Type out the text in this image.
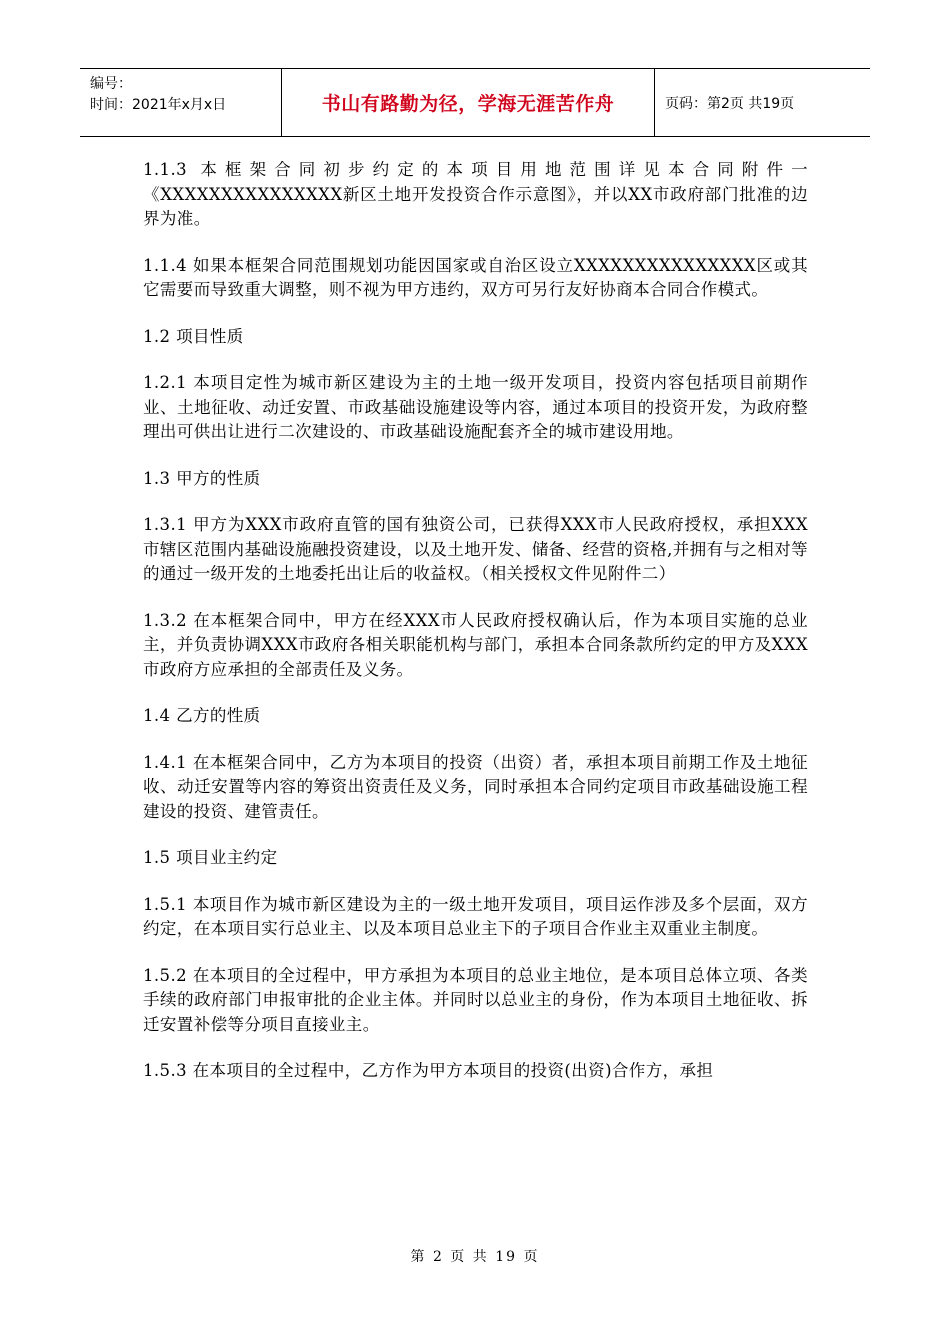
编号：
时间：2021年x月x日	书山有路勤为径，学海无涯苦作舟	页码：第2页 共19页

1.1.3 本框架合同初步约定的本项目用地范围详见本合同附件一《XXXXXXXXXXXXXXX新区土地开发投资合作示意图》，并以XX市政府部门批准的边界为准。

1.1.4 如果本框架合同范围规划功能因国家或自治区设立XXXXXXXXXXXXXXX区或其它需要而导致重大调整，则不视为甲方违约，双方可另行友好协商本合同合作模式。

1.2 项目性质

1.2.1 本项目定性为城市新区建设为主的土地一级开发项目，投资内容包括项目前期作业、土地征收、动迁安置、市政基础设施建设等内容，通过本项目的投资开发，为政府整理出可供出让进行二次建设的、市政基础设施配套齐全的城市建设用地。

1.3 甲方的性质

1.3.1 甲方为XXX市政府直管的国有独资公司，已获得XXX市人民政府授权，承担XXX市辖区范围内基础设施融投资建设，以及土地开发、储备、经营的资格,并拥有与之相对等的通过一级开发的土地委托出让后的收益权。（相关授权文件见附件二）

1.3.2 在本框架合同中，甲方在经XXX市人民政府授权确认后，作为本项目实施的总业主，并负责协调XXX市政府各相关职能机构与部门，承担本合同条款所约定的甲方及XXX市政府方应承担的全部责任及义务。

1.4 乙方的性质

1.4.1 在本框架合同中，乙方为本项目的投资（出资）者，承担本项目前期工作及土地征收、动迁安置等内容的筹资出资责任及义务，同时承担本合同约定项目市政基础设施工程建设的投资、建管责任。

1.5 项目业主约定

1.5.1 本项目作为城市新区建设为主的一级土地开发项目，项目运作涉及多个层面，双方约定，在本项目实行总业主、以及本项目总业主下的子项目合作业主双重业主制度。

1.5.2 在本项目的全过程中，甲方承担为本项目的总业主地位，是本项目总体立项、各类手续的政府部门申报审批的企业主体。并同时以总业主的身份，作为本项目土地征收、拆迁安置补偿等分项目直接业主。

1.5.3 在本项目的全过程中，乙方作为甲方本项目的投资(出资)合作方，承担

第 2 页 共 19 页
